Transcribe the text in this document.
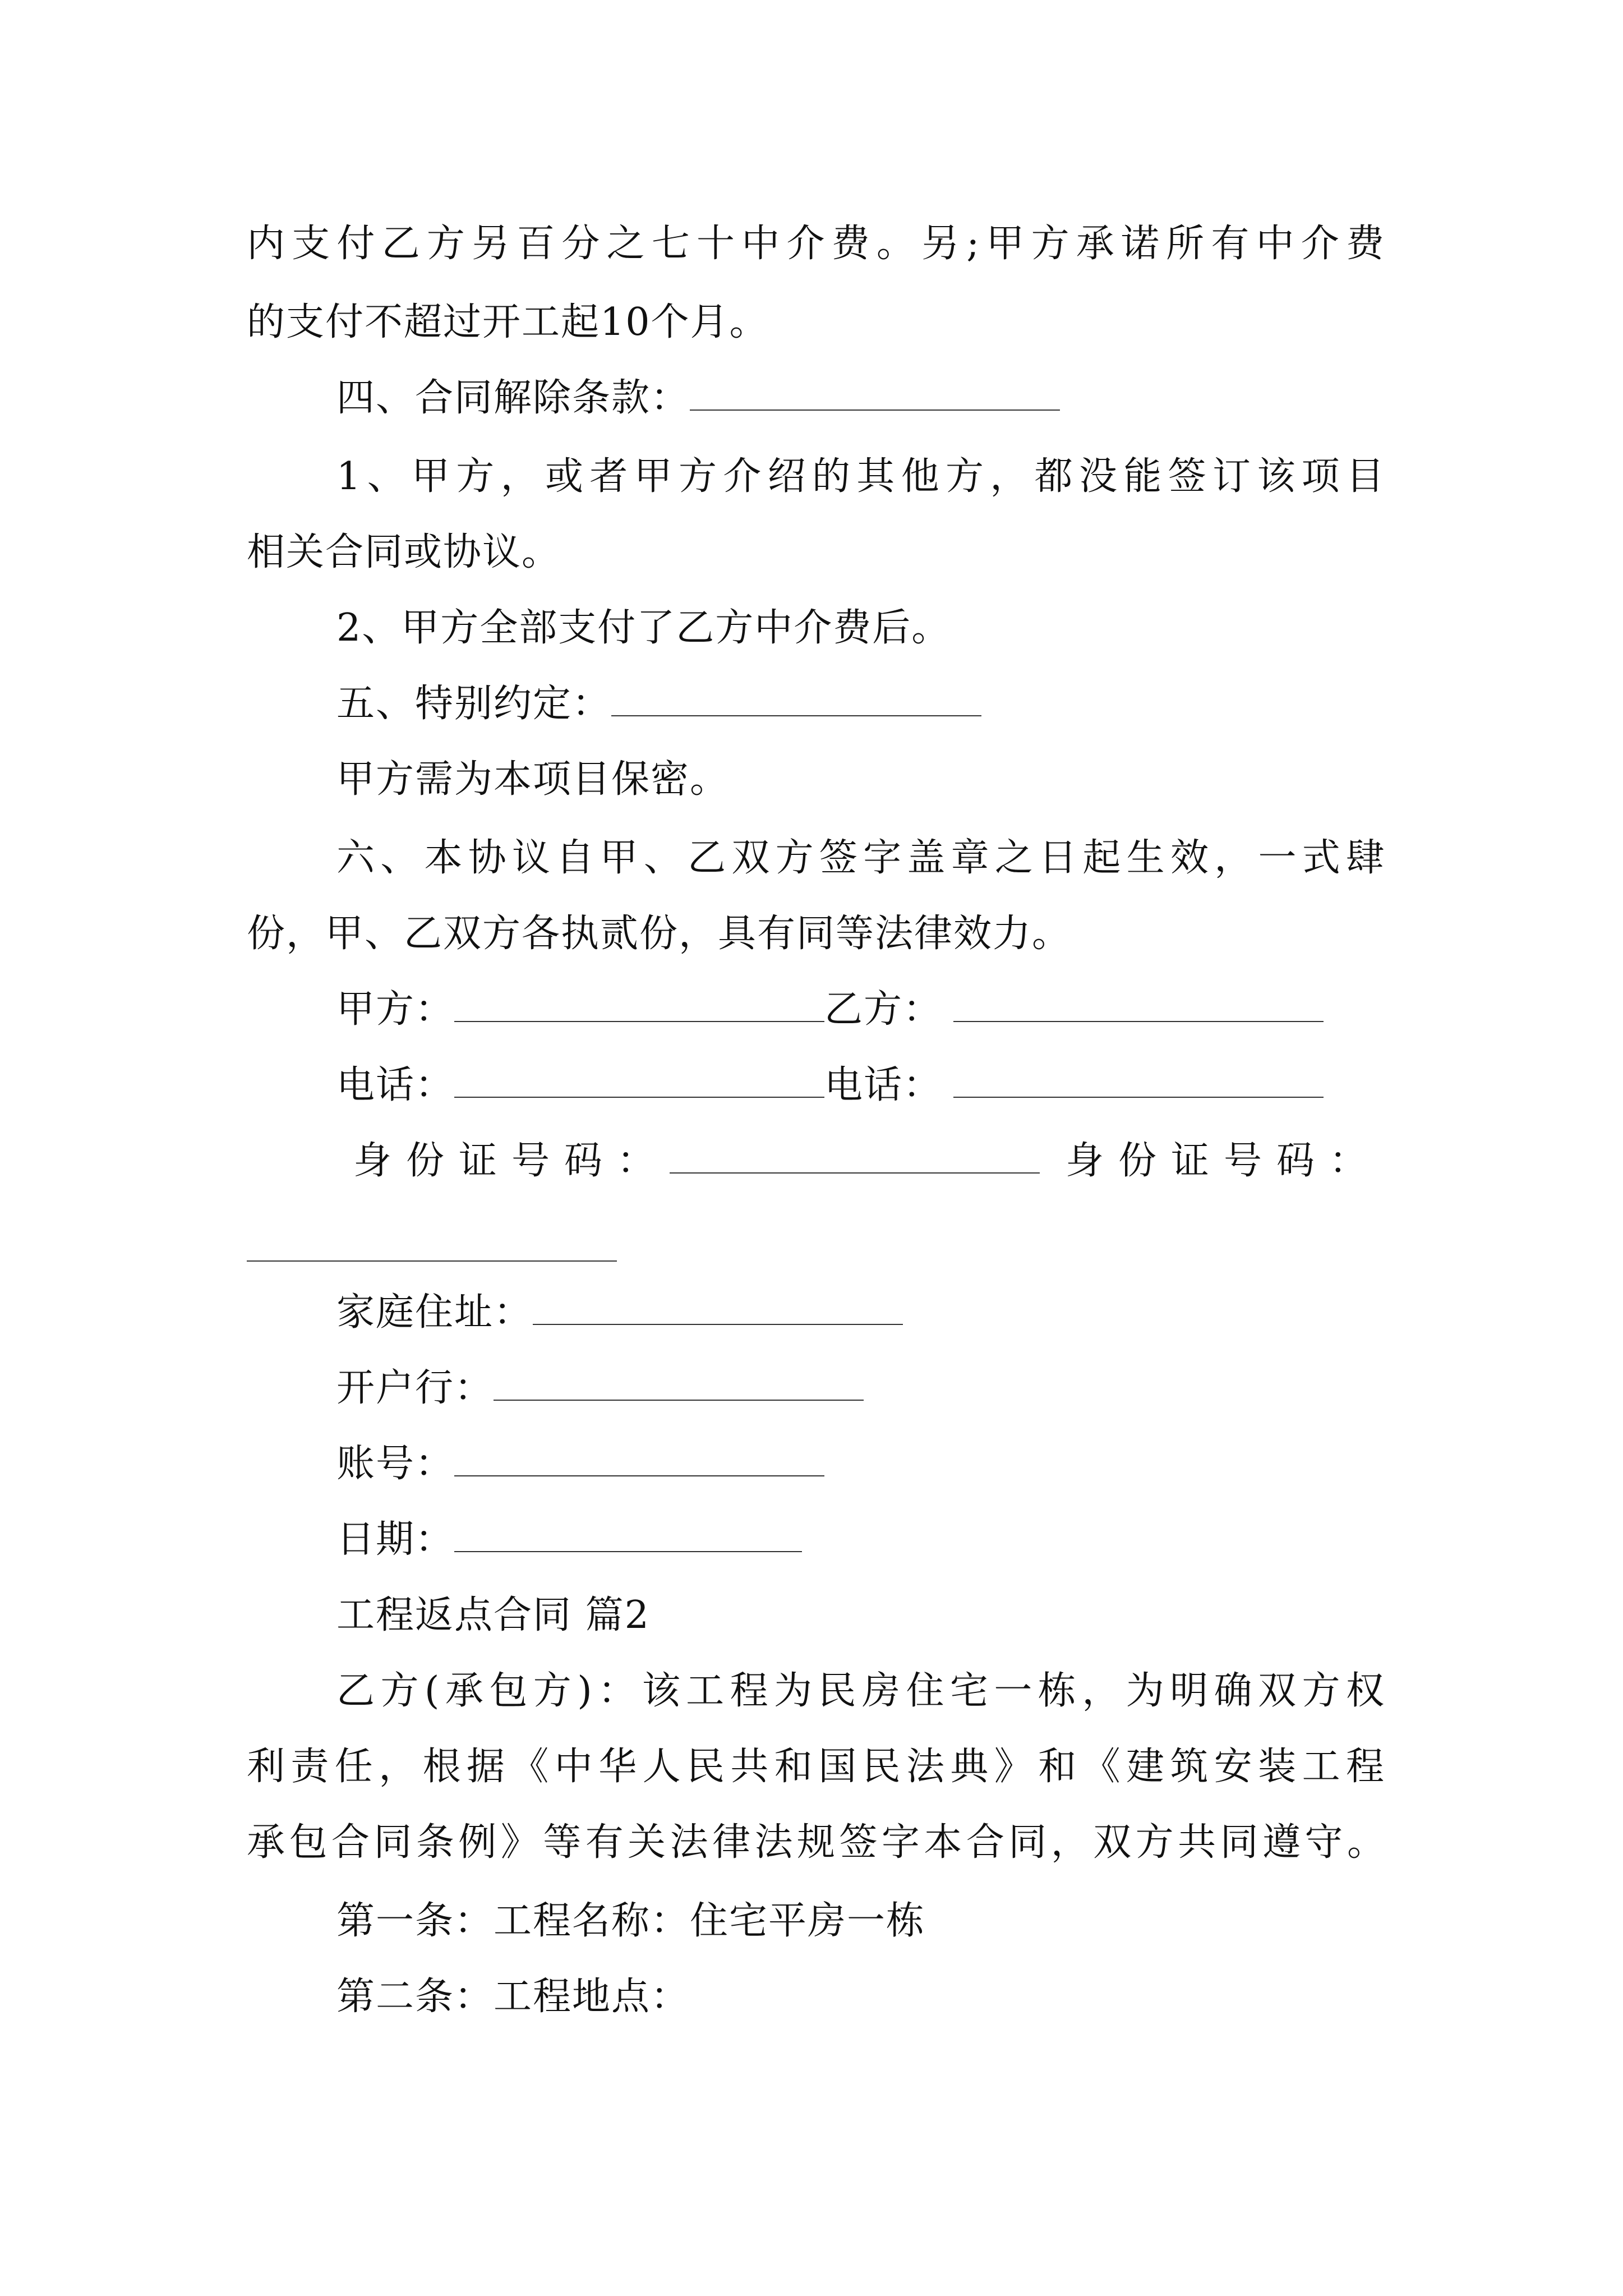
内支付乙方另百分之七十中介费。另;甲方承诺所有中介费
的支付不超过开工起10个月。
四、合同解除条款：
1、甲方，或者甲方介绍的其他方，都没能签订该项目
相关合同或协议。
2、甲方全部支付了乙方中介费后。
五、特别约定：
甲方需为本项目保密。
六、本协议自甲、乙双方签字盖章之日起生效，一式肆
份，甲、乙双方各执贰份，具有同等法律效力。
甲方：	乙方：
电话：	电话：
身份证号码：	身份证号码：
家庭住址：
开户行：
账号：
日期：
工程返点合同 篇2
乙方(承包方)：该工程为民房住宅一栋，为明确双方权
利责任，根据《中华人民共和国民法典》和《建筑安装工程
承包合同条例》等有关法律法规签字本合同，双方共同遵守。
第一条：工程名称：住宅平房一栋
第二条：工程地点：
